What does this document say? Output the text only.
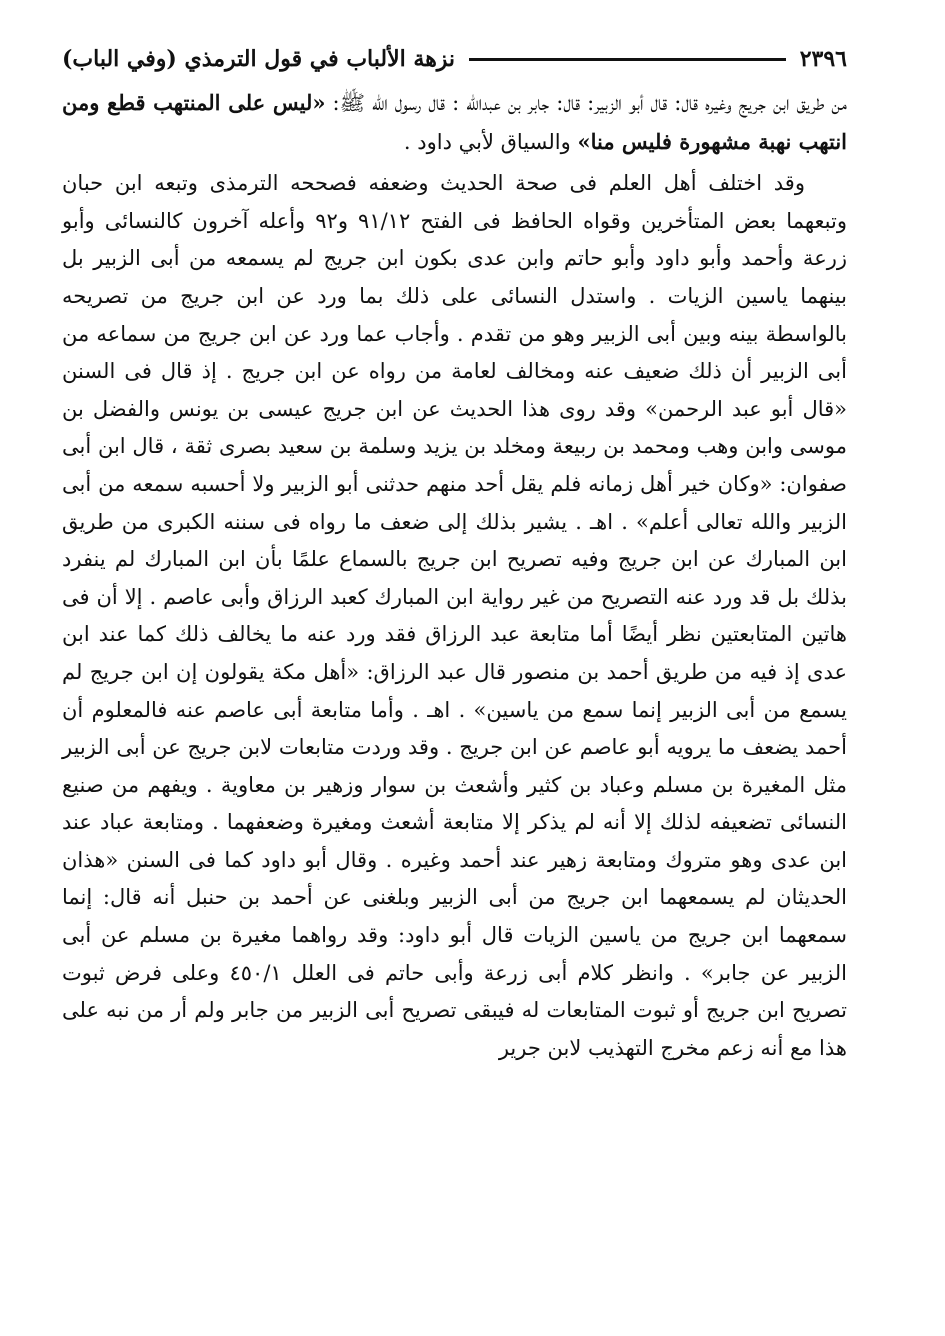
٢٣٩٦
نزهة الألباب في قول الترمذي (وفي الباب)

من طريق ابن جريج وغيره قال: قال أبو الزبير: قال: جابر بن عبدالله : قال رسول الله ﷺ: «ليس على المنتهب قطع ومن انتهب نهبة مشهورة فليس منا» والسياق لأبي داود .

وقد اختلف أهل العلم فى صحة الحديث وضعفه فصححه الترمذى وتبعه ابن حبان وتبعهما بعض المتأخرين وقواه الحافظ فى الفتح ٩١/١٢ و٩٢ وأعله آخرون كالنسائى وأبو زرعة وأحمد وأبو داود وأبو حاتم وابن عدى بكون ابن جريج لم يسمعه من أبى الزبير بل بينهما ياسين الزيات . واستدل النسائى على ذلك بما ورد عن ابن جريج من تصريحه بالواسطة بينه وبين أبى الزبير وهو من تقدم . وأجاب عما ورد عن ابن جريج من سماعه من أبى الزبير أن ذلك ضعيف عنه ومخالف لعامة من رواه عن ابن جريج . إذ قال فى السنن «قال أبو عبد الرحمن» وقد روى هذا الحديث عن ابن جريج عيسى بن يونس والفضل بن موسى وابن وهب ومحمد بن ربيعة ومخلد بن يزيد وسلمة بن سعيد بصرى ثقة ، قال ابن أبى صفوان: «وكان خير أهل زمانه فلم يقل أحد منهم حدثنى أبو الزبير ولا أحسبه سمعه من أبى الزبير والله تعالى أعلم» . اهـ . يشير بذلك إلى ضعف ما رواه فى سننه الكبرى من طريق ابن المبارك عن ابن جريج وفيه تصريح ابن جريج بالسماع علمًا بأن ابن المبارك لم ينفرد بذلك بل قد ورد عنه التصريح من غير رواية ابن المبارك كعبد الرزاق وأبى عاصم . إلا أن فى هاتين المتابعتين نظر أيضًا أما متابعة عبد الرزاق فقد ورد عنه ما يخالف ذلك كما عند ابن عدى إذ فيه من طريق أحمد بن منصور قال عبد الرزاق: «أهل مكة يقولون إن ابن جريج لم يسمع من أبى الزبير إنما سمع من ياسين» . اهـ . وأما متابعة أبى عاصم عنه فالمعلوم أن أحمد يضعف ما يرويه أبو عاصم عن ابن جريج . وقد وردت متابعات لابن جريج عن أبى الزبير مثل المغيرة بن مسلم وعباد بن كثير وأشعث بن سوار وزهير بن معاوية . ويفهم من صنيع النسائى تضعيفه لذلك إلا أنه لم يذكر إلا متابعة أشعث ومغيرة وضعفهما . ومتابعة عباد عند ابن عدى وهو متروك ومتابعة زهير عند أحمد وغيره . وقال أبو داود كما فى السنن «هذان الحديثان لم يسمعهما ابن جريج من أبى الزبير وبلغنى عن أحمد بن حنبل أنه قال: إنما سمعهما ابن جريج من ياسين الزيات قال أبو داود: وقد رواهما مغيرة بن مسلم عن أبى الزبير عن جابر» . وانظر كلام أبى زرعة وأبى حاتم فى العلل ٤٥٠/١ وعلى فرض ثبوت تصريح ابن جريج أو ثبوت المتابعات له فيبقى تصريح أبى الزبير من جابر ولم أر من نبه على هذا مع أنه زعم مخرج التهذيب لابن جرير
